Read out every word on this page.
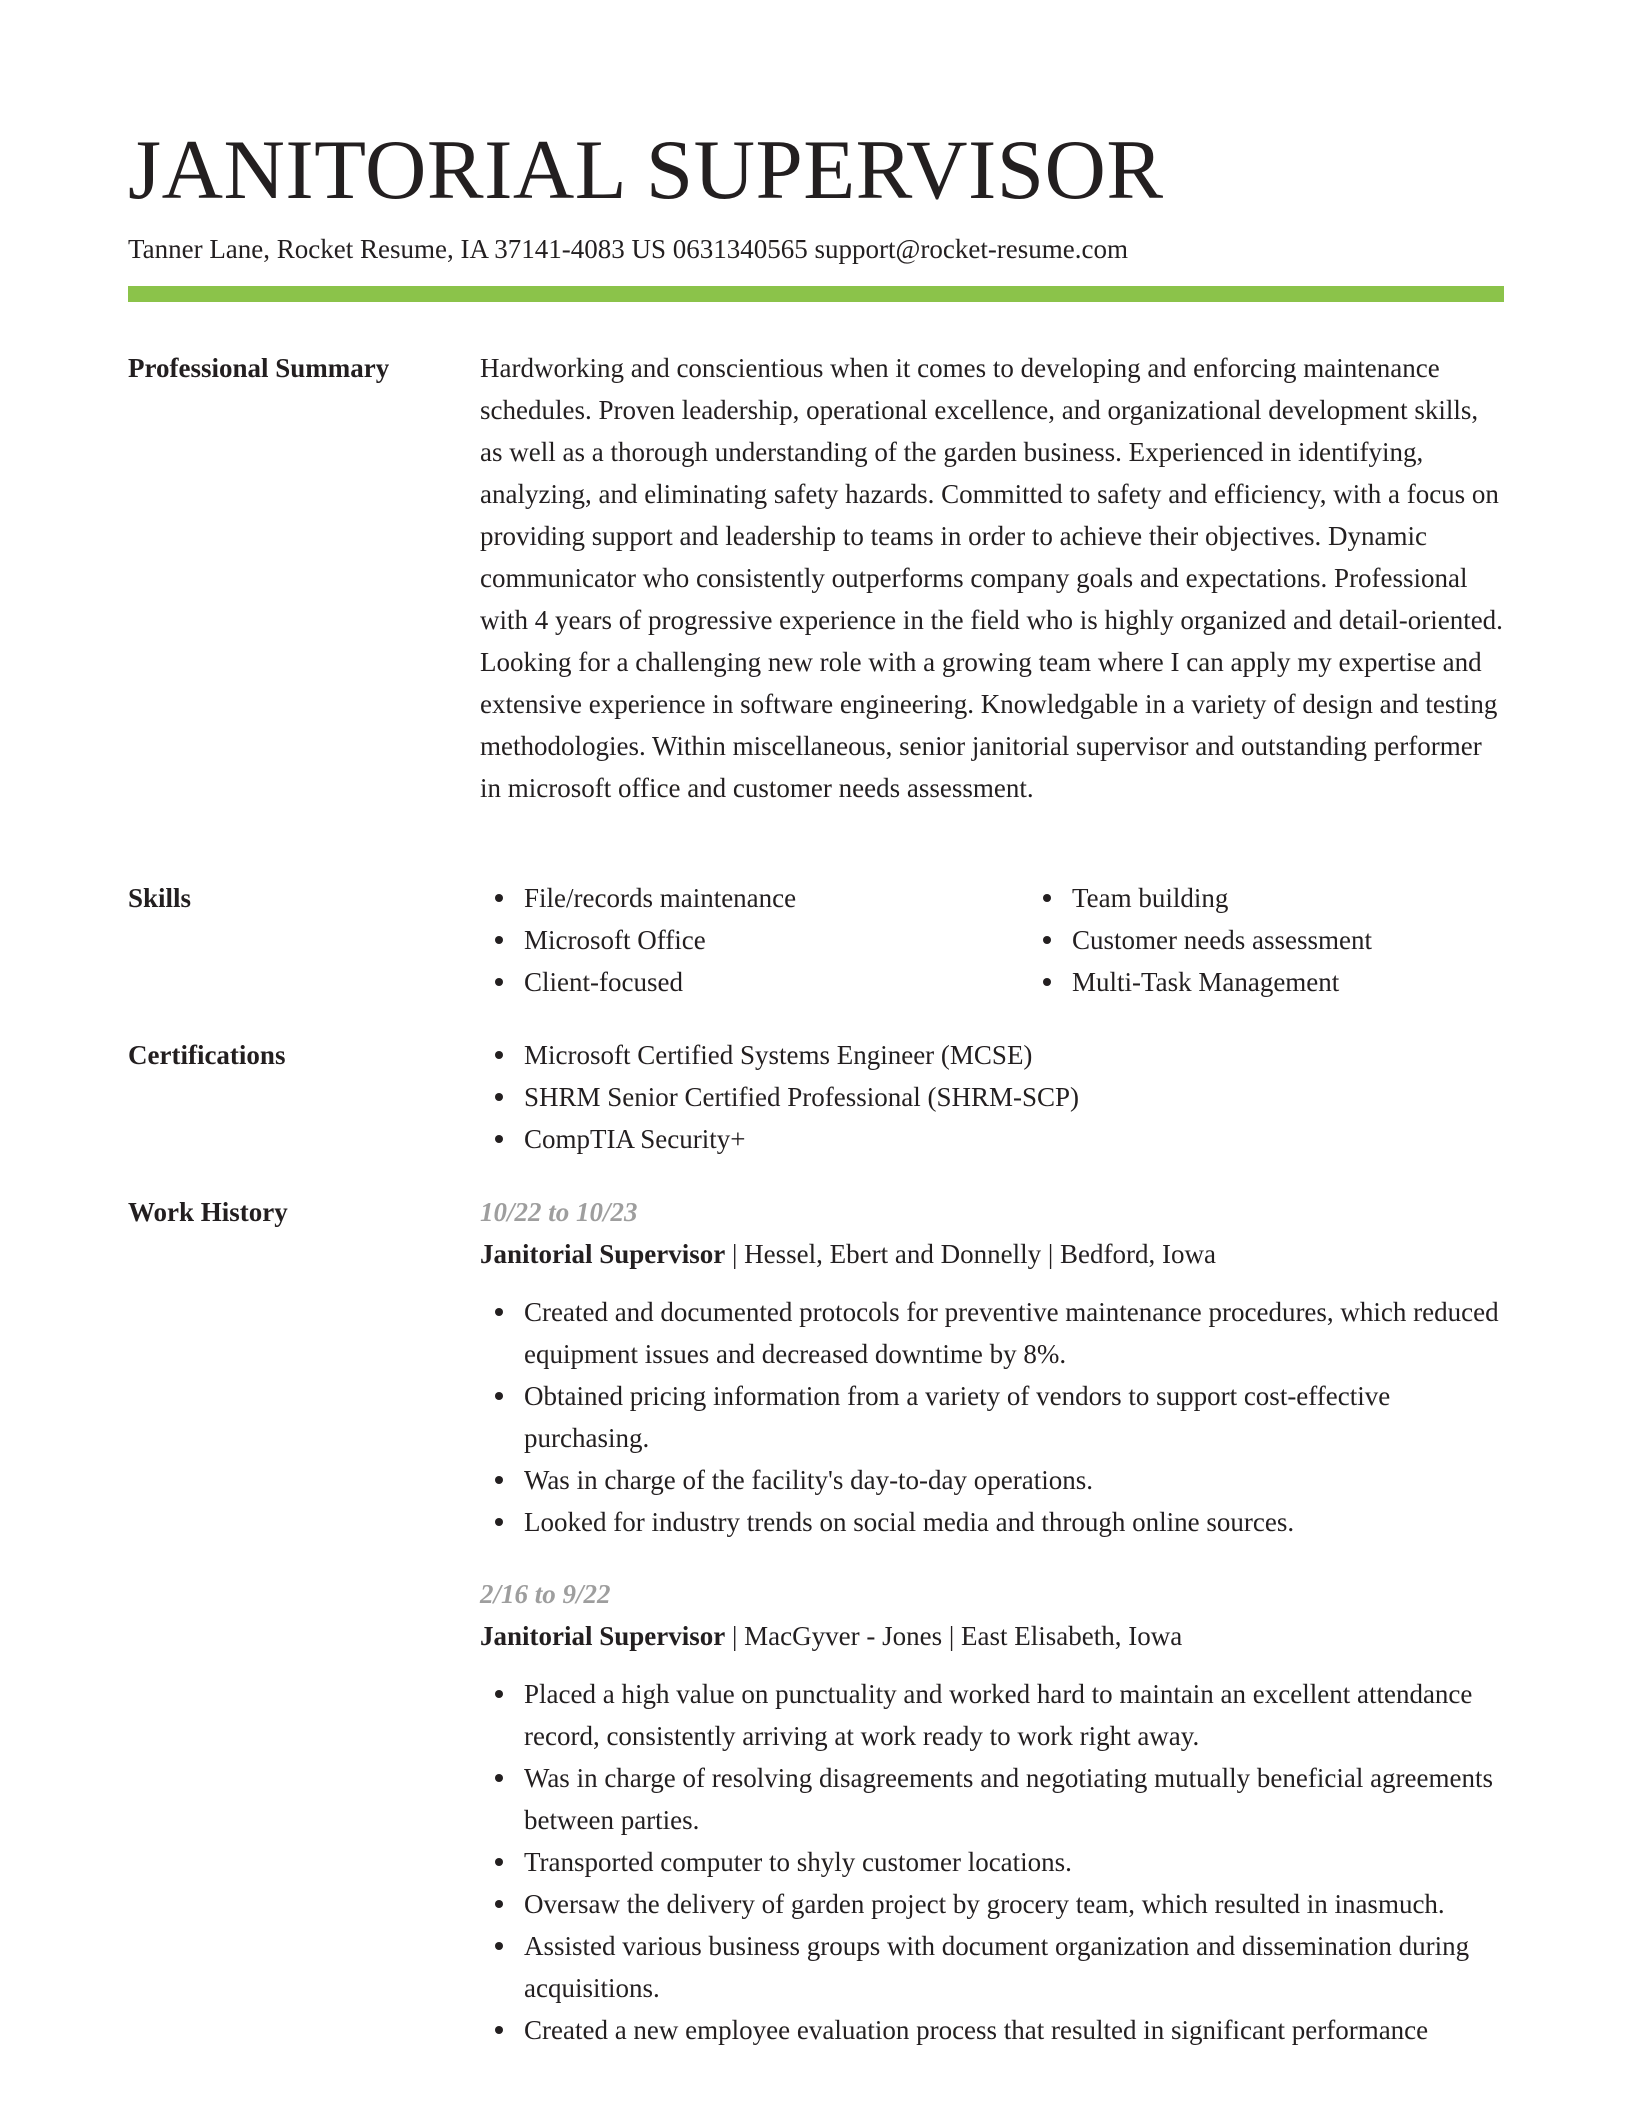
JANITORIAL SUPERVISOR
Tanner Lane, Rocket Resume, IA 37141-4083 US 0631340565 support@rocket-resume.com
Professional Summary	Hardworking and conscientious when it comes to developing and enforcing maintenance schedules. Proven leadership, operational excellence, and organizational development skills, as well as a thorough understanding of the garden business. Experienced in identifying, analyzing, and eliminating safety hazards. Committed to safety and efficiency, with a focus on providing support and leadership to teams in order to achieve their objectives. Dynamic communicator who consistently outperforms company goals and expectations. Professional with 4 years of progressive experience in the field who is highly organized and detail-oriented. Looking for a challenging new role with a growing team where I can apply my expertise and extensive experience in software engineering. Knowledgable in a variety of design and testing methodologies. Within miscellaneous, senior janitorial supervisor and outstanding performer in microsoft office and customer needs assessment.

Skills	File/records maintenance
Microsoft Office
Client-focused
Team building
Customer needs assessment
Multi-Task Management
Certifications	Microsoft Certified Systems Engineer (MCSE)
SHRM Senior Certified Professional (SHRM-SCP)
CompTIA Security+
Work History	10/22 to 10/23
Janitorial Supervisor | Hessel, Ebert and Donnelly | Bedford, Iowa
Created and documented protocols for preventive maintenance procedures, which reduced equipment issues and decreased downtime by 8%.
Obtained pricing information from a variety of vendors to support cost-effective purchasing.
Was in charge of the facility's day-to-day operations.
Looked for industry trends on social media and through online sources.
2/16 to 9/22
Janitorial Supervisor | MacGyver - Jones | East Elisabeth, Iowa
Placed a high value on punctuality and worked hard to maintain an excellent attendance record, consistently arriving at work ready to work right away.
Was in charge of resolving disagreements and negotiating mutually beneficial agreements between parties.
Transported computer to shyly customer locations.
Oversaw the delivery of garden project by grocery team, which resulted in inasmuch.
Assisted various business groups with document organization and dissemination during acquisitions.
Created a new employee evaluation process that resulted in significant performance
